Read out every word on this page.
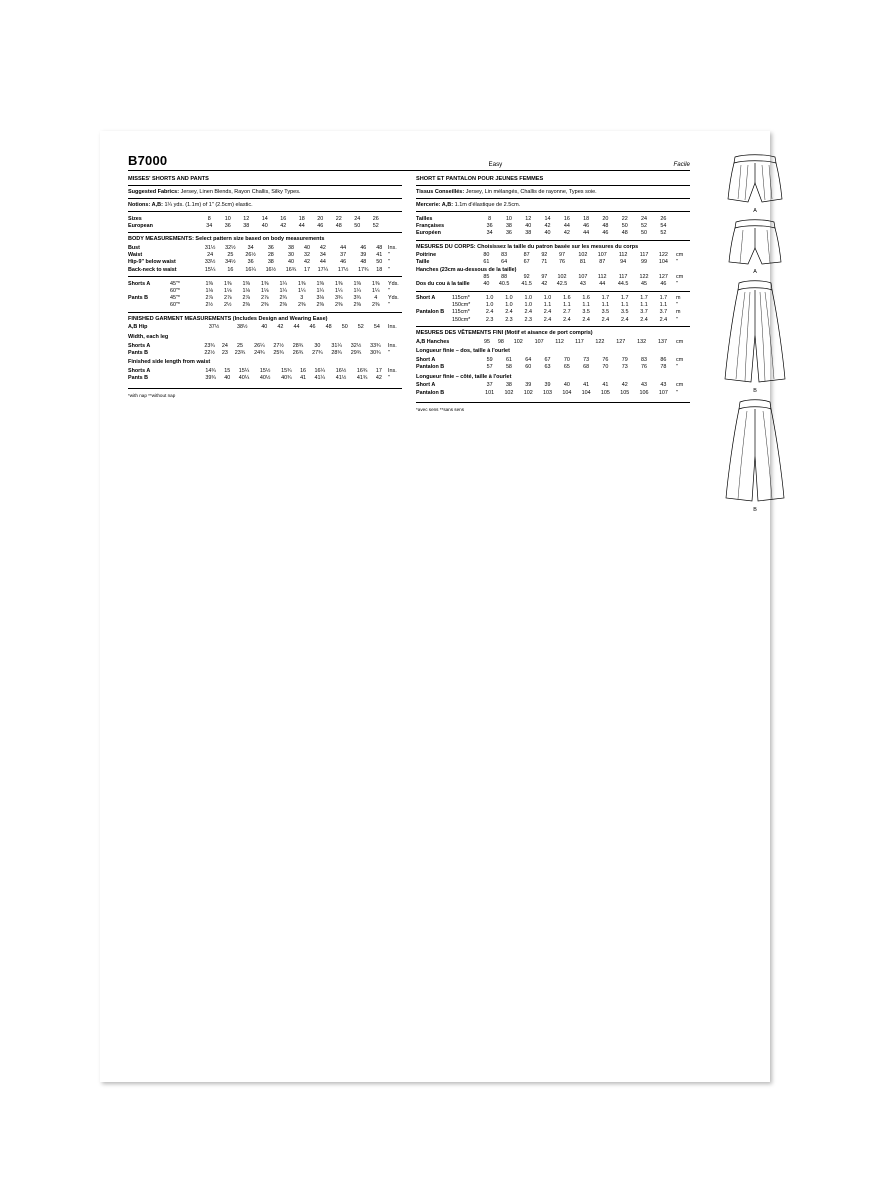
B7000	Easy	Facile
MISSES' SHORTS AND PANTS
Suggested Fabrics: Jersey, Linen Blends, Rayon Challis, Silky Types.
Notions: A,B: 1¼ yds. (1.1m) of 1" (2.5cm) elastic.
Sizes	8	10	12	14	16	18	20	22	24	26	
European	34	36	38	40	42	44	46	48	50	52	
BODY MEASUREMENTS: Select pattern size based on body measurements
Bust	31½	32½	34	36	38	40	42	44	46	48	Ins.
Waist	24	25	26½	28	30	32	34	37	39	41	"
Hip-9" below waist	33½	34½	36	38	40	42	44	46	48	50	"
Back-neck to waist	15¼	16	16¼	16½	16¾	17	17¼	17½	17¾	18	"
Shorts A	45"*	1⅜	1⅜	1⅜	1⅜	1¼	1⅜	1⅜	1⅜	1⅜	1⅜	Yds.
	60"*	1⅛	1⅛	1⅛	1⅛	1¼	1¼	1¼	1¼	1¼	1¼	"
Pants B	45"*	2⅞	2⅞	2⅞	2⅞	2¾	3	3⅛	3¾	3¾	4	Yds.
	60"*	2½	2½	2⅜	2⅜	2⅜	2⅜	2⅜	2⅜	2⅜	2⅜	"
FINISHED GARMENT MEASUREMENTS (Includes Design and Wearing Ease)
A,B Hip	37½	38½	40	42	44	46	48	50	52	54	Ins.
Width, each leg
Shorts A	23¾	24	25	26¼	27½	28¾	30	31¼	32½	33¾	Ins.
Pants B	22½	23	23¾	24¾	25¾	26¾	27¾	28¾	29¾	30¾	"
Finished side length from waist
Shorts A	14¾	15	15¼	15½	15¾	16	16¼	16½	16¾	17	Ins.
Pants B	39¾	40	40¼	40½	40¾	41	41¼	41½	41¾	42	"
*with nap **without nap
SHORT ET PANTALON POUR JEUNES FEMMES
Tissus Conseillés: Jersey, Lin mélangés, Challis de rayonne, Types soie.
Mercerie: A,B: 1.1m d'élastique de 2.5cm.
Tailles	8	10	12	14	16	18	20	22	24	26	
Françaises	36	38	40	42	44	46	48	50	52	54	
Européen	34	36	38	40	42	44	46	48	50	52	
MESURES DU CORPS: Choisissez la taille du patron basée sur les mesures du corps
Poitrine	80	83	87	92	97	102	107	112	117	122	cm
Taille	61	64	67	71	76	81	87	94	99	104	"
Hanches (23cm au-dessous de la taille)											
	85	88	92	97	102	107	112	117	122	127	cm
Dos du cou à la taille	40	40.5	41.5	42	42.5	43	44	44.5	45	46	"
Short A	115cm*	1.0	1.0	1.0	1.0	1.6	1.6	1.7	1.7	1.7	1.7	m
	150cm*	1.0	1.0	1.0	1.1	1.1	1.1	1.1	1.1	1.1	1.1	"
Pantalon B	115cm*	2.4	2.4	2.4	2.4	2.7	3.5	3.5	3.5	3.7	3.7	m
	150cm*	2.3	2.3	2.3	2.4	2.4	2.4	2.4	2.4	2.4	2.4	"
MESURES DES VÊTEMENTS FINI (Motif et aisance de port compris)
A,B Hanches	95	98	102	107	112	117	122	127	132	137	cm
Longueur finie – dos, taille à l'ourlet
Short A	59	61	64	67	70	73	76	79	83	86	cm
Pantalon B	57	58	60	63	65	68	70	73	76	78	"
Longueur finie – côté, taille à l'ourlet
Short A	37	38	39	39	40	41	41	42	43	43	cm
Pantalon B	101	102	102	103	104	104	105	105	106	107	"
*avec sens **sans sens
A
A
B
B
